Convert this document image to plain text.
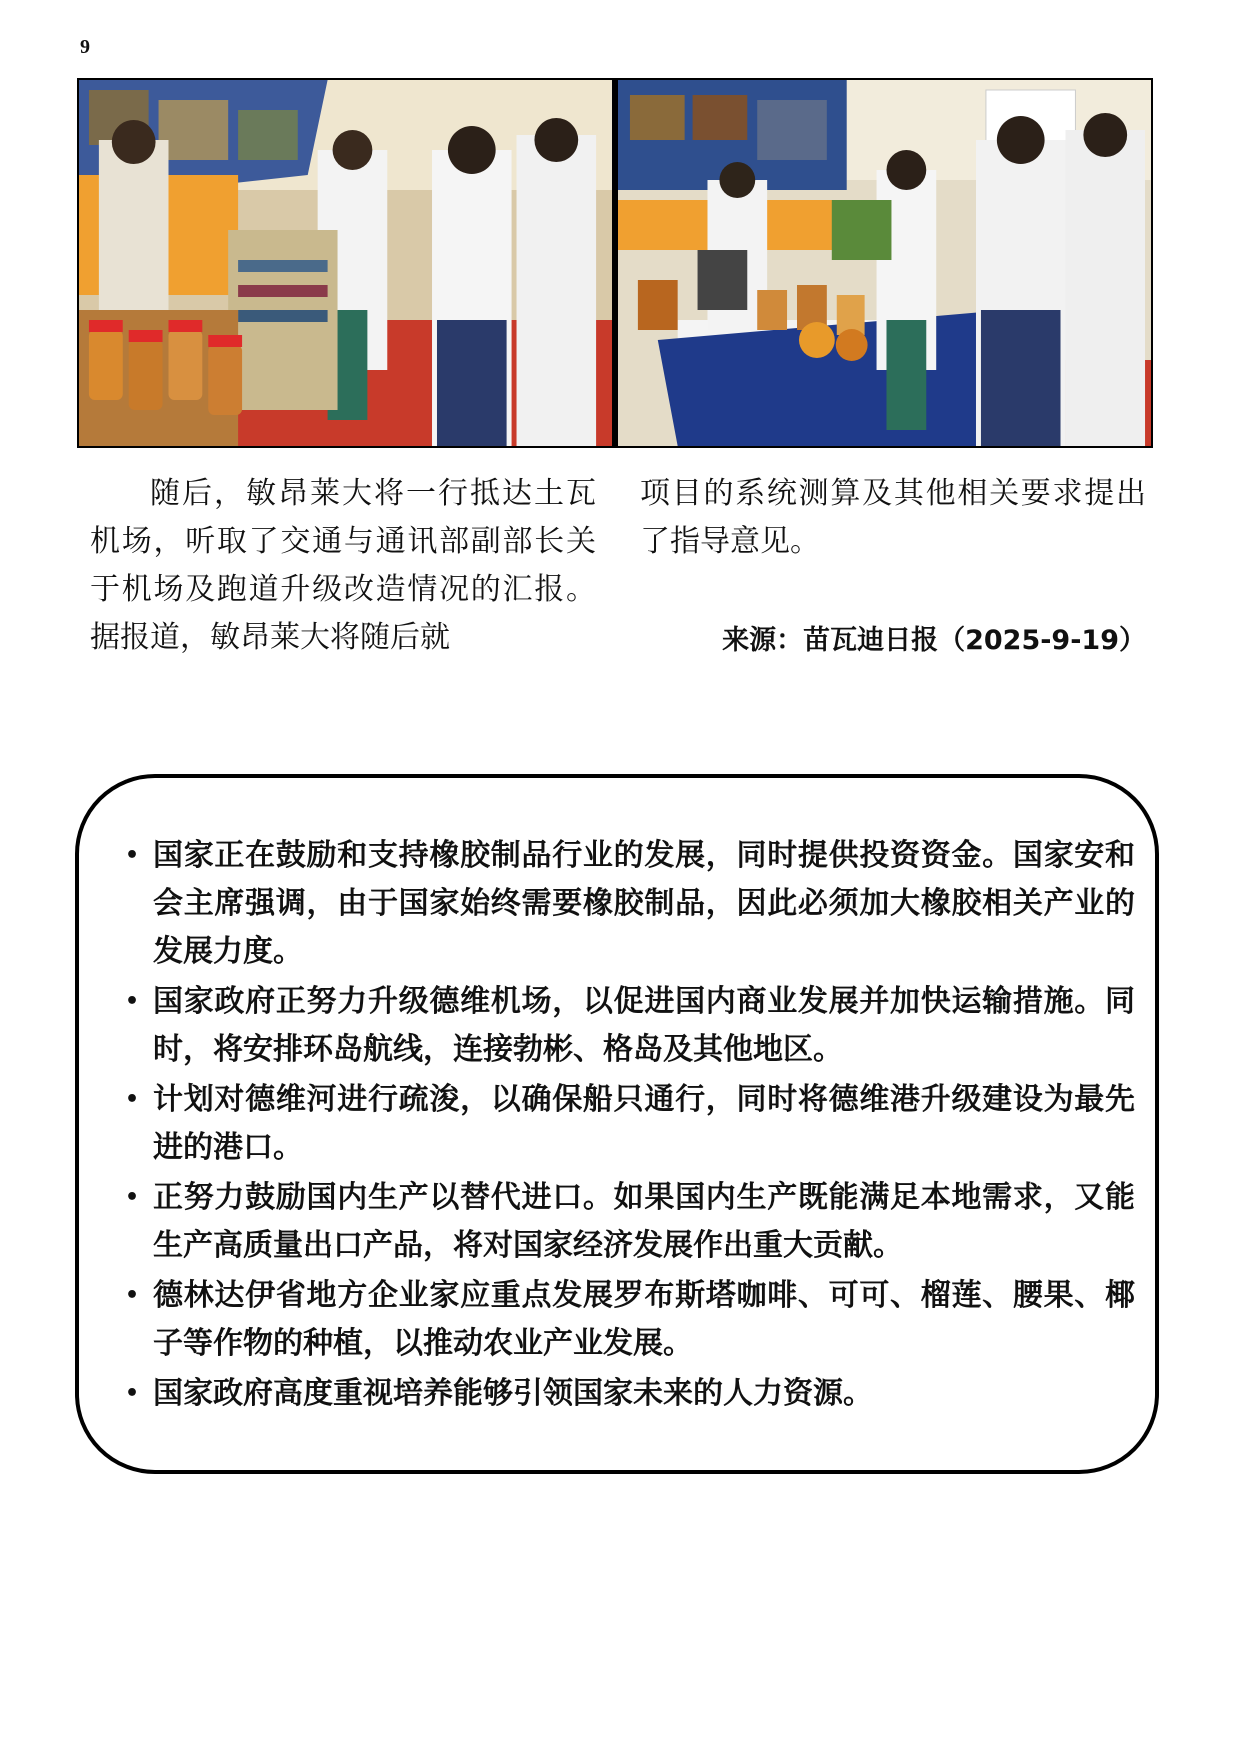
9
随后，敏昂莱大将一行抵达土瓦机场，听取了交通与通讯部副部长关于机场及跑道升级改造情况的汇报。据报道，敏昂莱大将随后就
项目的系统测算及其他相关要求提出了指导意见。
来源：苗瓦迪日报（2025-9-19）
• 国家正在鼓励和支持橡胶制品行业的发展，同时提供投资资金。国家安和会主席强调，由于国家始终需要橡胶制品，因此必须加大橡胶相关产业的发展力度。
• 国家政府正努力升级德维机场，以促进国内商业发展并加快运输措施。同时，将安排环岛航线，连接勃彬、格岛及其他地区。
• 计划对德维河进行疏浚，以确保船只通行，同时将德维港升级建设为最先进的港口。
• 正努力鼓励国内生产以替代进口。如果国内生产既能满足本地需求，又能生产高质量出口产品，将对国家经济发展作出重大贡献。
• 德林达伊省地方企业家应重点发展罗布斯塔咖啡、可可、榴莲、腰果、椰子等作物的种植，以推动农业产业发展。
• 国家政府高度重视培养能够引领国家未来的人力资源。
